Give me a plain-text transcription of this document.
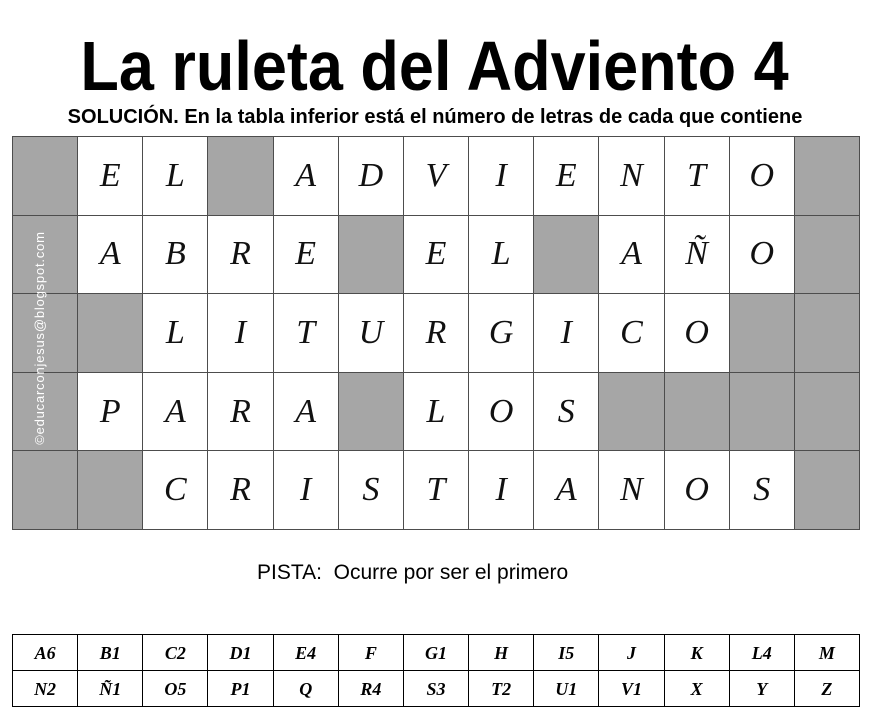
La ruleta del Adviento 4
SOLUCIÓN. En la tabla inferior está el número de letras de cada que contiene
E L	A D V I E N T O
A B R E	E L	A Ñ O
L I T U R G I C O
P A R A	L O S
C R I S T I A N O S
©educarconjesus@blogspot.com
PISTA:  Ocurre por ser el primero
A6 B1 C2 D1 E4	F	G1	H	I5	J	K	L4	M
N2 Ñ1 O5 P1	Q	R4	S3	T2 U1 V1	X	Y	Z
